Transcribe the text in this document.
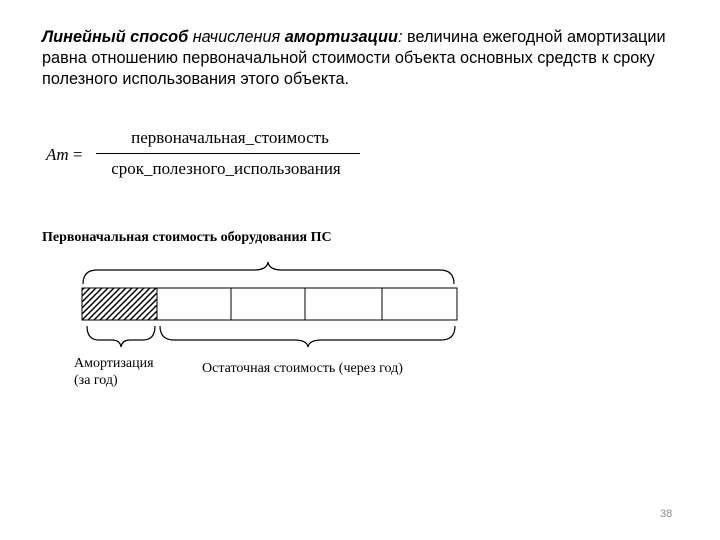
Линейный способ начисления амортизации: величина ежегодной амортизации равна отношению первоначальной стоимости объекта основных средств к сроку полезного использования этого объекта.

Am =
первоначальная_стоимость
срок_полезного_использования
Первоначальная стоимость оборудования ПС
Амортизация
(за год)
Остаточная стоимость (через год)
38
